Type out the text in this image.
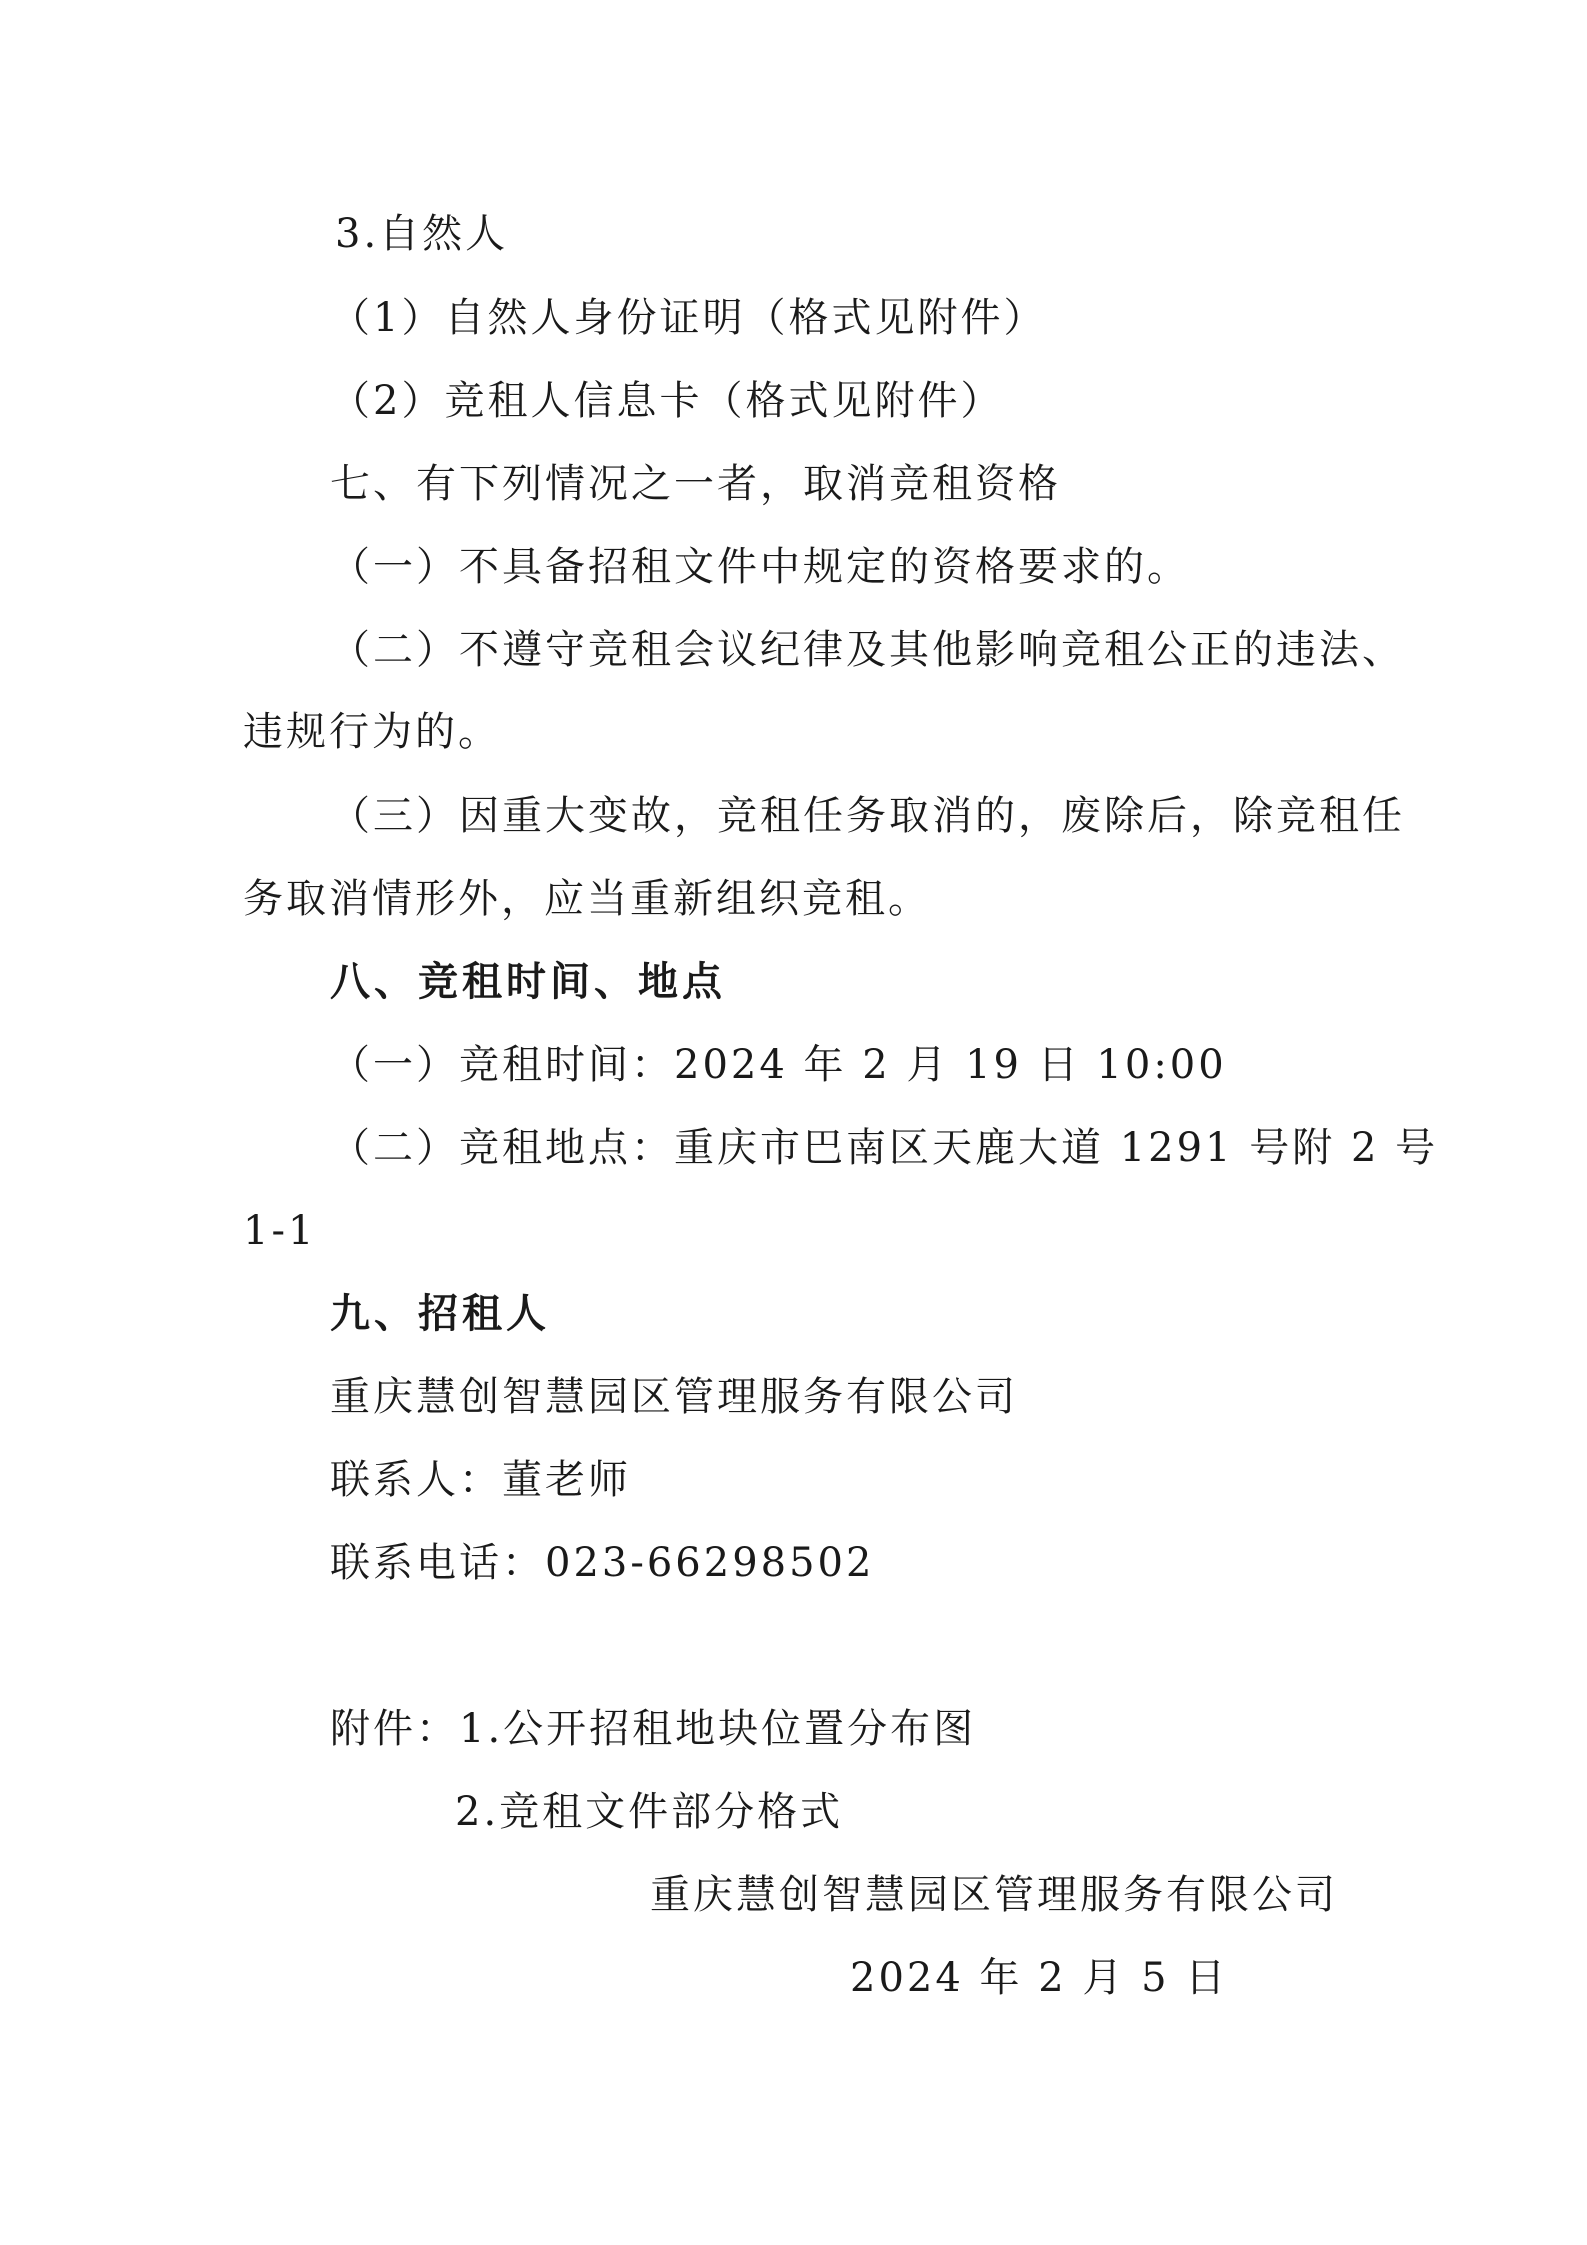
3.自然人
（1）自然人身份证明（格式见附件）
（2）竞租人信息卡（格式见附件）
七、有下列情况之一者，取消竞租资格
（一）不具备招租文件中规定的资格要求的。
（二）不遵守竞租会议纪律及其他影响竞租公正的违法、
违规行为的。
（三）因重大变故，竞租任务取消的，废除后，除竞租任
务取消情形外，应当重新组织竞租。
八、竞租时间、地点
（一）竞租时间：2024 年 2 月 19 日 10:00
（二）竞租地点：重庆市巴南区天鹿大道 1291 号附 2 号
1-1
九、招租人
重庆慧创智慧园区管理服务有限公司
联系人：董老师
联系电话：023-66298502
附件：1.公开招租地块位置分布图
2.竞租文件部分格式
重庆慧创智慧园区管理服务有限公司
2024 年 2 月 5 日
